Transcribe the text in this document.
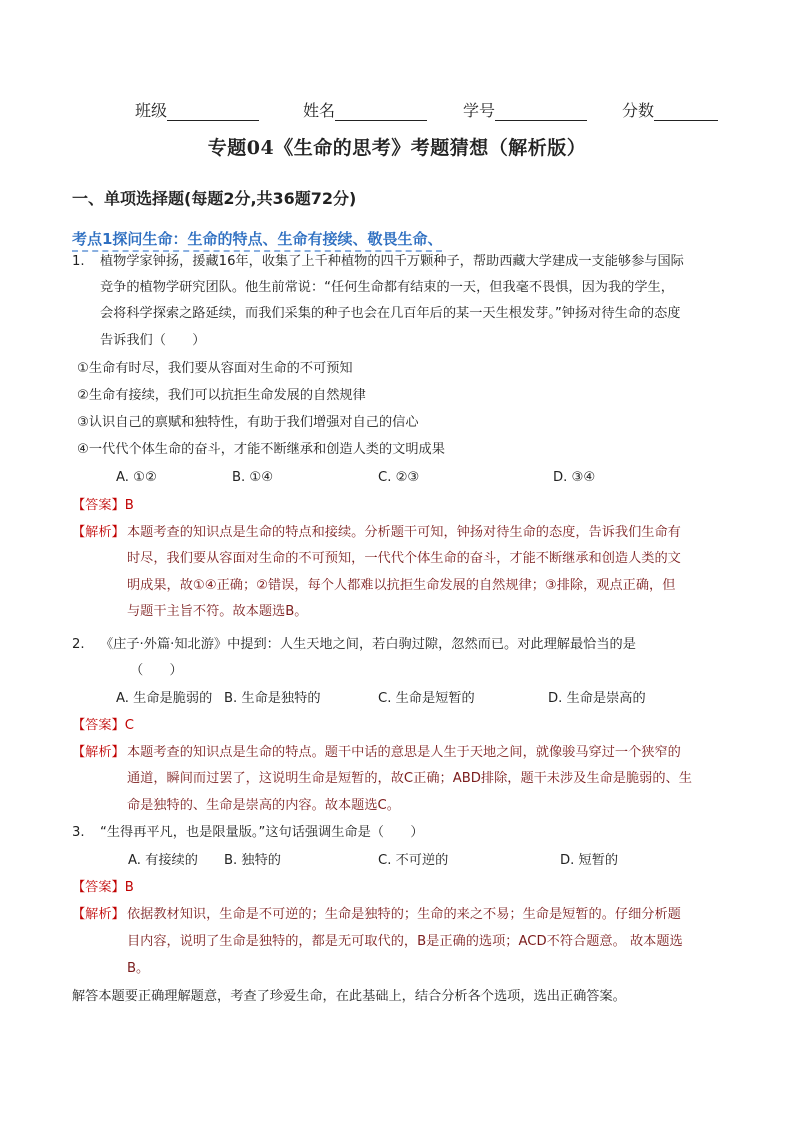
班级	姓名	学号	分数
专题04《生命的思考》考题猜想（解析版）
一、单项选择题(每题2分,共36题72分)
考点1探问生命：生命的特点、生命有接续、敬畏生命、
1. 植物学家钟扬，援藏16年，收集了上千种植物的四千万颗种子，帮助西藏大学建成一支能够参与国际
竞争的植物学研究团队。他生前常说：“任何生命都有结束的一天，但我毫不畏惧，因为我的学生，
会将科学探索之路延续，而我们采集的种子也会在几百年后的某一天生根发芽。”钟扬对待生命的态度
告诉我们（　　）
①生命有时尽，我们要从容面对生命的不可预知
②生命有接续，我们可以抗拒生命发展的自然规律
③认识自己的禀赋和独特性，有助于我们增强对自己的信心
④一代代个体生命的奋斗，才能不断继承和创造人类的文明成果
A. ①②	B. ①④	C. ②③	D. ③④
【答案】B
【解析】 本题考查的知识点是生命的特点和接续。分析题干可知，钟扬对待生命的态度，告诉我们生命有
时尽，我们要从容面对生命的不可预知，一代代个体生命的奋斗，才能不断继承和创造人类的文
明成果，故①④正确；②错误，每个人都难以抗拒生命发展的自然规律；③排除，观点正确，但
与题干主旨不符。故本题选B。
2. 《庄子·外篇·知北游》中提到：人生天地之间，若白驹过隙，忽然而已。对此理解最恰当的是
（　　）
A. 生命是脆弱的 B. 生命是独特的	C. 生命是短暂的	D. 生命是崇高的
【答案】C
【解析】 本题考查的知识点是生命的特点。题干中话的意思是人生于天地之间，就像骏马穿过一个狭窄的
通道，瞬间而过罢了，这说明生命是短暂的，故C正确；ABD排除，题干未涉及生命是脆弱的、生
命是独特的、生命是崇高的内容。故本题选C。
3. “生得再平凡，也是限量版。”这句话强调生命是（　　）
A. 有接续的 B. 独特的	C. 不可逆的	D. 短暂的
【答案】B
【解析】 依据教材知识，生命是不可逆的；生命是独特的；生命的来之不易；生命是短暂的。仔细分析题
目内容，说明了生命是独特的，都是无可取代的，B是正确的选项；ACD不符合题意。 故本题选
B。
解答本题要正确理解题意，考查了珍爱生命，在此基础上，结合分析各个选项，选出正确答案。
